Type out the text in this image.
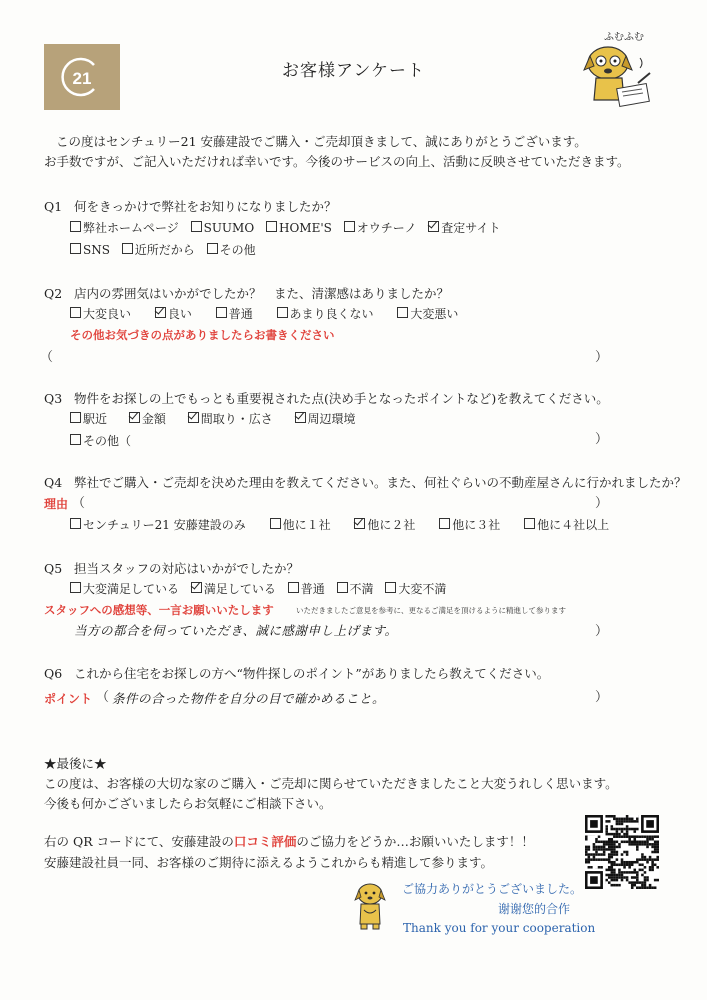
21	お客様アンケート
ふむふむ
この度はセンチュリー21 安藤建設でご購入・ご売却頂きまして、誠にありがとうございます。
お手数ですが、ご記入いただければ幸いです。今後のサービスの向上、活動に反映させていただきます。
Q1 何をきっかけで弊社をお知りになりましたか？
弊社ホームページ SUUMO HOME'S オウチーノ 査定サイト
SNS 近所だから その他
Q2 店内の雰囲気はいかがでしたか？　また、清潔感はありましたか？
大変良い	良い	普通	あまり良くない	大変悪い
その他お気づきの点がありましたらお書きください
（	）
Q3 物件をお探しの上でもっとも重要視された点(決め手となったポイントなど)を教えてください。
駅近	金額	間取り・広さ	周辺環境
その他（	）
Q4 弊社でご購入・ご売却を決めた理由を教えてください。また、何社ぐらいの不動産屋さんに行かれましたか？
理由 （	）
センチュリー21 安藤建設のみ	他に１社	他に２社	他に３社	他に４社以上
Q5 担当スタッフの対応はいかがでしたか？
大変満足している 満足している 普通 不満 大変不満
スタッフへの感想等、一言お願いいたします	いただきましたご意見を参考に、更なるご満足を頂けるように精進して参ります
当方の都合を伺っていただき、誠に感謝申し上げます。	）
Q6 これから住宅をお探しの方へ“物件探しのポイント”がありましたら教えてください。
ポイント （ 条件の合った物件を自分の目で確かめること。	）
★最後に★
この度は、お客様の大切な家のご購入・ご売却に関らせていただきましたこと大変うれしく思います。
今後も何かございましたらお気軽にご相談下さい。
右の QR コードにて、安藤建設の口コミ評価のご協力をどうか…お願いいたします！！
安藤建設社員一同、お客様のご期待に添えるようこれからも精進して参ります。
ご協力ありがとうございました。
谢谢您的合作
Thank you for your cooperation
